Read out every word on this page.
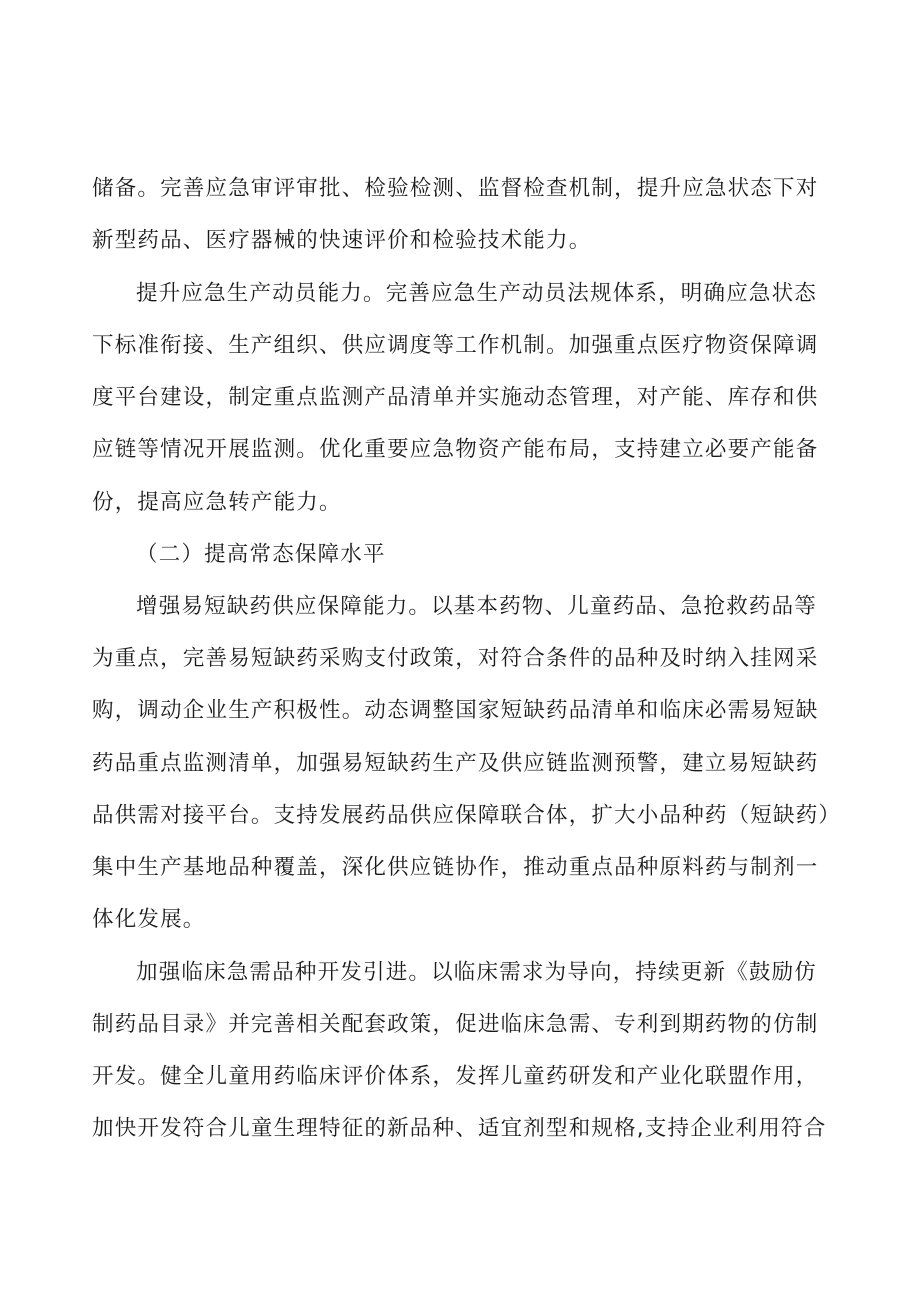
储备。完善应急审评审批、检验检测、监督检查机制，提升应急状态下对
新型药品、医疗器械的快速评价和检验技术能力。
提升应急生产动员能力。完善应急生产动员法规体系，明确应急状态
下标准衔接、生产组织、供应调度等工作机制。加强重点医疗物资保障调
度平台建设，制定重点监测产品清单并实施动态管理，对产能、库存和供
应链等情况开展监测。优化重要应急物资产能布局，支持建立必要产能备
份，提高应急转产能力。
（二）提高常态保障水平
增强易短缺药供应保障能力。以基本药物、儿童药品、急抢救药品等
为重点，完善易短缺药采购支付政策，对符合条件的品种及时纳入挂网采
购，调动企业生产积极性。动态调整国家短缺药品清单和临床必需易短缺
药品重点监测清单，加强易短缺药生产及供应链监测预警，建立易短缺药
品供需对接平台。支持发展药品供应保障联合体，扩大小品种药（短缺药）
集中生产基地品种覆盖，深化供应链协作，推动重点品种原料药与制剂一
体化发展。
加强临床急需品种开发引进。以临床需求为导向，持续更新《鼓励仿
制药品目录》并完善相关配套政策，促进临床急需、专利到期药物的仿制
开发。健全儿童用药临床评价体系，发挥儿童药研发和产业化联盟作用，
加快开发符合儿童生理特征的新品种、适宜剂型和规格,支持企业利用符合
